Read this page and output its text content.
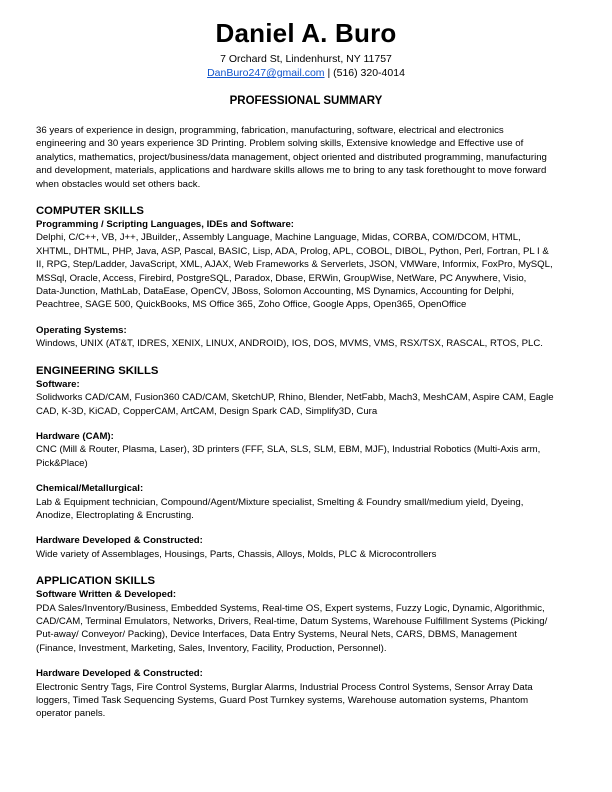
Daniel A. Buro
7 Orchard St, Lindenhurst, NY 11757
DanBuro247@gmail.com | (516) 320-4014
PROFESSIONAL SUMMARY
36 years of experience in design, programming, fabrication, manufacturing, software, electrical and electronics
engineering and 30 years experience 3D Printing. Problem solving skills, Extensive knowledge and Effective use of
analytics, mathematics, project/business/data management, object oriented and distributed programming, manufacturing
and development, materials, applications and hardware skills allows me to bring to any task forethought to move forward
when obstacles would set others back.
COMPUTER SKILLS
Programming / Scripting Languages, IDEs and Software:
Delphi, C/C++, VB, J++, JBuilder,, Assembly Language, Machine Language, Midas, CORBA, COM/DCOM, HTML,
XHTML, DHTML, PHP, Java, ASP, Pascal, BASIC, Lisp, ADA, Prolog, APL, COBOL, DIBOL, Python, Perl, Fortran, PL I &
II, RPG, Step/Ladder, JavaScript, XML, AJAX, Web Frameworks & Serverlets, JSON, VMWare, Informix, FoxPro, MySQL,
MSSql, Oracle, Access, Firebird, PostgreSQL, Paradox, Dbase, ERWin, GroupWise, NetWare, PC Anywhere, Visio,
Data-Junction, MathLab, DataEase, OpenCV, JBoss, Solomon Accounting, MS Dynamics, Accounting for Delphi,
Peachtree, SAGE 500, QuickBooks, MS Office 365, Zoho Office, Google Apps, Open365, OpenOffice
Operating Systems:
Windows, UNIX (AT&T, IDRES, XENIX, LINUX, ANDROID), IOS, DOS, MVMS, VMS, RSX/TSX, RASCAL, RTOS, PLC.
ENGINEERING SKILLS
Software:
Solidworks CAD/CAM, Fusion360 CAD/CAM, SketchUP, Rhino, Blender, NetFabb, Mach3, MeshCAM, Aspire CAM, Eagle
CAD, K-3D, KiCAD, CopperCAM, ArtCAM, Design Spark CAD, Simplify3D, Cura
Hardware (CAM):
CNC (Mill & Router, Plasma, Laser), 3D printers (FFF, SLA, SLS, SLM, EBM, MJF), Industrial Robotics (Multi-Axis arm,
Pick&Place)
Chemical/Metallurgical:
Lab & Equipment technician, Compound/Agent/Mixture specialist, Smelting & Foundry small/medium yield, Dyeing,
Anodize, Electroplating & Encrusting.
Hardware Developed & Constructed:
Wide variety of Assemblages, Housings, Parts, Chassis, Alloys, Molds, PLC & Microcontrollers
APPLICATION SKILLS
Software Written & Developed:
PDA Sales/Inventory/Business, Embedded Systems, Real-time OS, Expert systems, Fuzzy Logic, Dynamic, Algorithmic,
CAD/CAM, Terminal Emulators, Networks, Drivers, Real-time, Datum Systems, Warehouse Fulfillment Systems (Picking/
Put-away/ Conveyor/ Packing), Device Interfaces, Data Entry Systems, Neural Nets, CARS, DBMS, Management
(Finance, Investment, Marketing, Sales, Inventory, Facility, Production, Personnel).
Hardware Developed & Constructed:
Electronic Sentry Tags, Fire Control Systems, Burglar Alarms, Industrial Process Control Systems, Sensor Array Data
loggers, Timed Task Sequencing Systems, Guard Post Turnkey systems, Warehouse automation systems, Phantom
operator panels.
